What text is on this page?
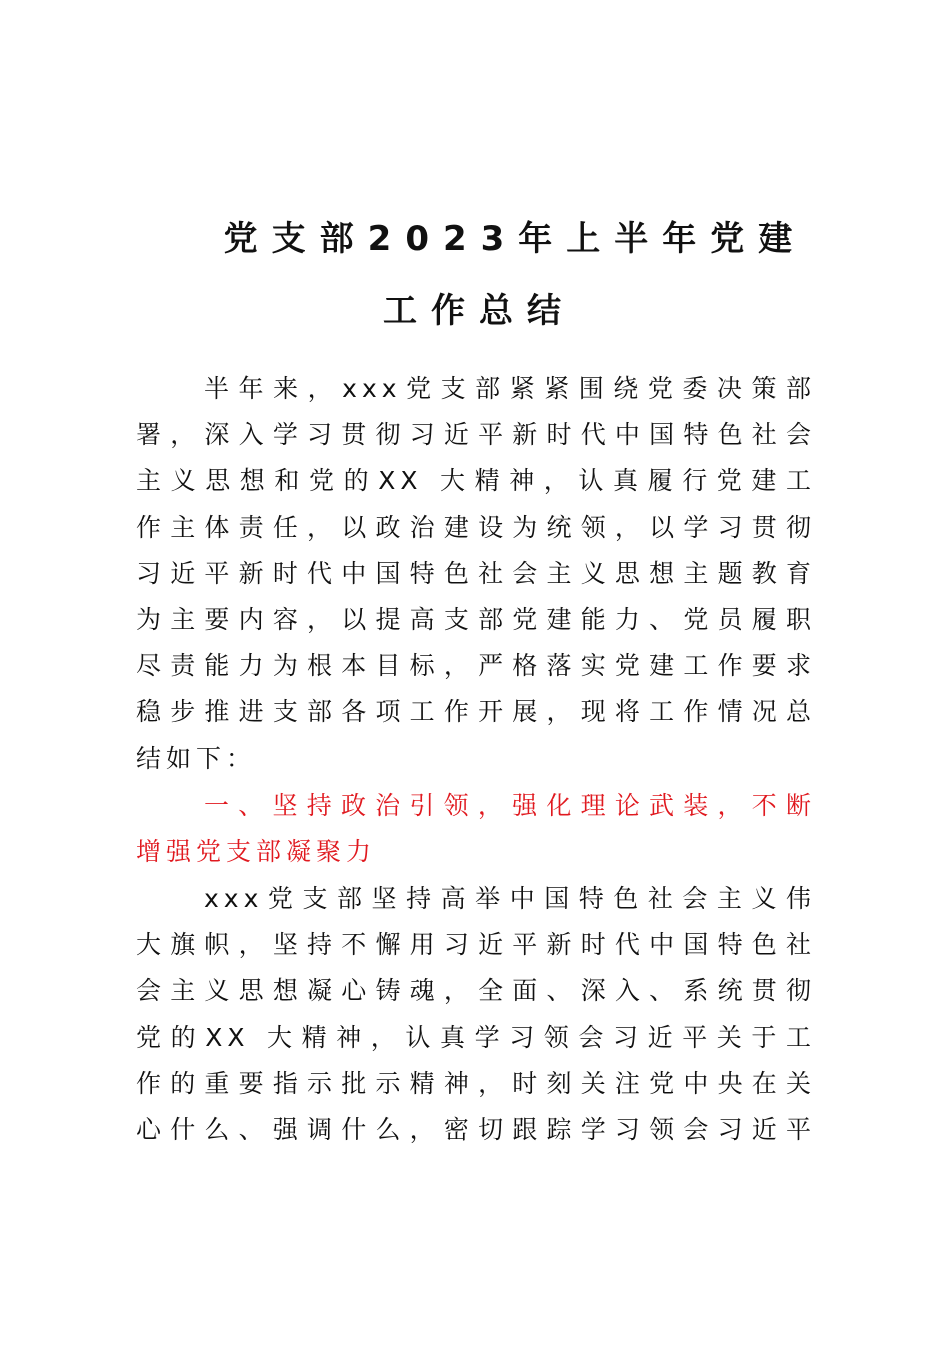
党支部2023年上半年党建
工作总结
半年来，xxx党支部紧紧围绕党委决策部
署，深入学习贯彻习近平新时代中国特色社会
主义思想和党的XX 大精神，认真履行党建工
作主体责任，以政治建设为统领，以学习贯彻
习近平新时代中国特色社会主义思想主题教育
为主要内容，以提高支部党建能力、党员履职
尽责能力为根本目标，严格落实党建工作要求
稳步推进支部各项工作开展，现将工作情况总
结如下：
一、坚持政治引领，强化理论武装，不断
增强党支部凝聚力
xxx党支部坚持高举中国特色社会主义伟
大旗帜，坚持不懈用习近平新时代中国特色社
会主义思想凝心铸魂，全面、深入、系统贯彻
党的XX 大精神，认真学习领会习近平关于工
作的重要指示批示精神，时刻关注党中央在关
心什么、强调什么，密切跟踪学习领会习近平
